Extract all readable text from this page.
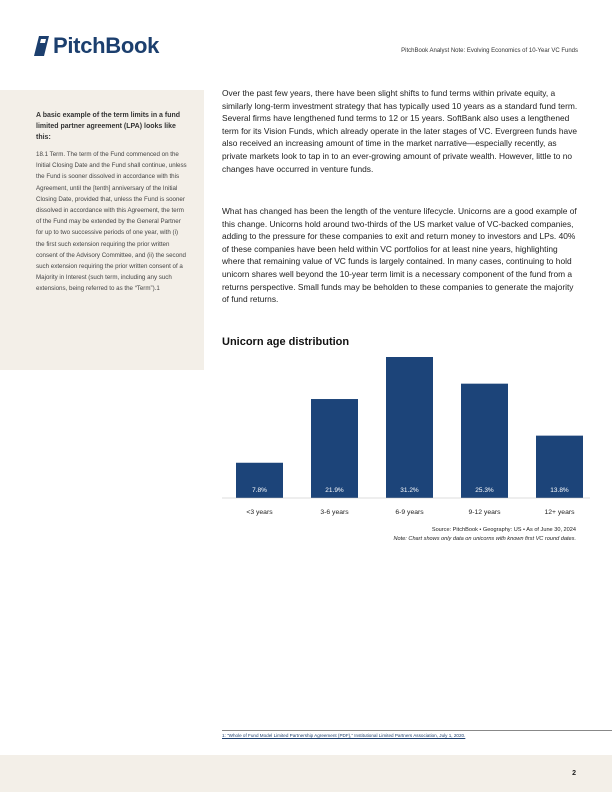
PitchBook	PitchBook Analyst Note: Evolving Economics of 10-Year VC Funds
A basic example of the term limits in a fund limited partner agreement (LPA) looks like this:
18.1 Term. The term of the Fund commenced on the Initial Closing Date and the Fund shall continue, unless the Fund is sooner dissolved in accordance with this Agreement, until the [tenth] anniversary of the Initial Closing Date, provided that, unless the Fund is sooner dissolved in accordance with this Agreement, the term of the Fund may be extended by the General Partner for up to two successive periods of one year, with (i) the first such extension requiring the prior written consent of the Advisory Committee, and (ii) the second such extension requiring the prior written consent of a Majority in Interest (such term, including any such extensions, being referred to as the “Term”).1
Over the past few years, there have been slight shifts to fund terms within private equity, a similarly long-term investment strategy that has typically used 10 years as a standard fund term. Several firms have lengthened fund terms to 12 or 15 years. SoftBank also uses a lengthened term for its Vision Funds, which already operate in the later stages of VC. Evergreen funds have also received an increasing amount of time in the market narrative—especially recently, as private markets look to tap in to an ever-growing amount of private wealth. However, little to no changes have occurred in venture funds.
What has changed has been the length of the venture lifecycle. Unicorns are a good example of this change. Unicorns hold around two-thirds of the US market value of VC-backed companies, adding to the pressure for these companies to exit and return money to investors and LPs. 40% of these companies have been held within VC portfolios for at least nine years, highlighting where that remaining value of VC funds is largely contained. In many cases, continuing to hold unicorn shares well beyond the 10-year term limit is a necessary component of the fund from a returns perspective. Small funds may be beholden to these companies to generate the majority of fund returns.
Unicorn age distribution
7.8%
<3 years
21.9%
3-6 years
31.2%
6-9 years
25.3%
9-12 years
13.8%
12+ years
Source: PitchBook • Geography: US • As of June 30, 2024
Note: Chart shows only data on unicorns with known first VC round dates.
1: “Whole of Fund Model Limited Partnership Agreement (PDF),” Institutional Limited Partners Association, July 1, 2020.
2
